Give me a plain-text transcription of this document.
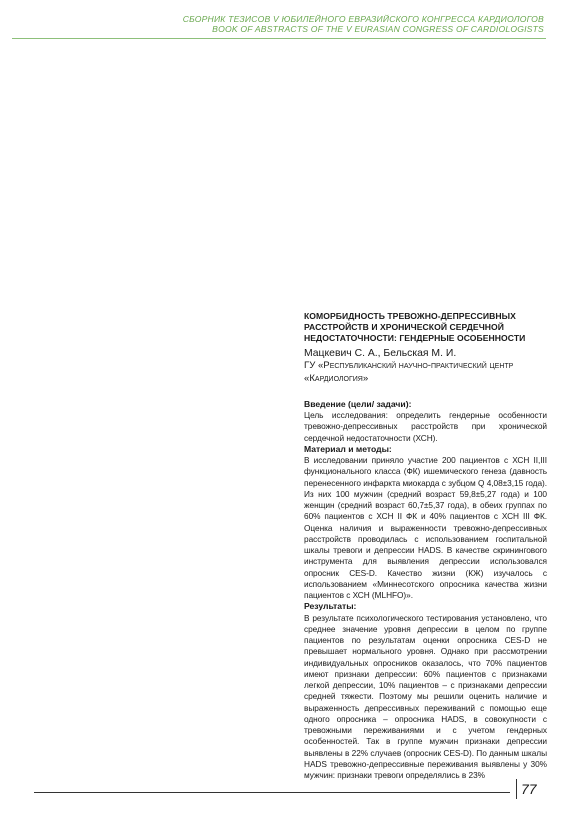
СБОРНИК ТЕЗИСОВ V ЮБИЛЕЙНОГО ЕВРАЗИЙСКОГО КОНГРЕССА КАРДИОЛОГОВ
BOOK OF ABSTRACTS OF THE V EURASIAN CONGRESS OF CARDIOLOGISTS

КОМОРБИДНОСТЬ ТРЕВОЖНО-ДЕПРЕССИВНЫХ РАССТРОЙСТВ И ХРОНИЧЕСКОЙ СЕРДЕЧНОЙ НЕДОСТАТОЧНОСТИ: ГЕНДЕРНЫЕ ОСОБЕННОСТИ

Мацкевич С. А., Бельская М. И.

ГУ «Республиканский научно-практический центр «Кардиология»

Введение (цели/ задачи):

Цель исследования: определить гендерные особенности тревожно-депрессивных расстройств при хронической сердечной недостаточности (ХСН).

Материал и методы:

В исследовании приняло участие 200 пациентов с ХСН II,III функционального класса (ФК) ишемического генеза (давность перенесенного инфаркта миокарда с зубцом Q 4,08±3,15 года). Из них 100 мужчин (средний возраст 59,8±5,27 года) и 100 женщин (средний возраст 60,7±5,37 года), в обеих группах по 60% пациентов с ХСН II ФК и 40% пациентов с ХСН III ФК. Оценка наличия и выраженности тревожно-депрессивных расстройств проводилась с использованием госпитальной шкалы тревоги и депрессии HADS. В качестве скринингового инструмента для выявления депрессии использовался опросник CES-D. Качество жизни (КЖ) изучалось с использованием «Миннесотского опросника качества жизни пациентов с ХСН (MLHFO)».

Результаты:

В результате психологического тестирования установлено, что среднее значение уровня депрессии в целом по группе пациентов по результатам оценки опросника CES-D не превышает нормального уровня. Однако при рассмотрении индивидуальных опросников оказалось, что 70% пациентов имеют признаки депрессии: 60% пациентов с признаками легкой депрессии, 10% пациентов – с признаками депрессии средней тяжести. Поэтому мы решили оценить наличие и выраженность депрессивных переживаний с помощью еще одного опросника – опросника HADS, в совокупности с тревожными переживаниями и с учетом гендерных особенностей. Так в группе мужчин признаки депрессии выявлены в 22% случаев (опросник CES-D). По данным шкалы HADS тревожно-депрессивные переживания выявлены у 30% мужчин: признаки тревоги определялись в 23%

77
